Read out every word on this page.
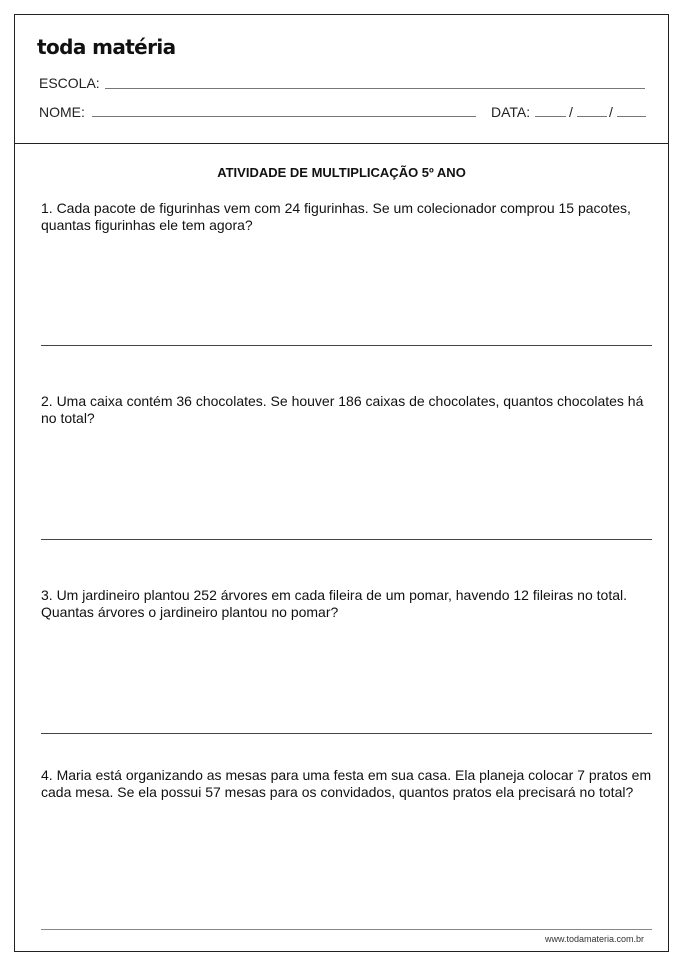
toda matéria
ESCOLA:
NOME:	DATA:	/	/
ATIVIDADE DE MULTIPLICAÇÃO 5º ANO
1. Cada pacote de figurinhas vem com 24 figurinhas. Se um colecionador comprou 15 pacotes, quantas figurinhas ele tem agora?
2. Uma caixa contém 36 chocolates. Se houver 186 caixas de chocolates, quantos chocolates há no total?
3. Um jardineiro plantou 252 árvores em cada fileira de um pomar, havendo 12 fileiras no total. Quantas árvores o jardineiro plantou no pomar?
4. Maria está organizando as mesas para uma festa em sua casa. Ela planeja colocar 7 pratos em cada mesa. Se ela possui 57 mesas para os convidados, quantos pratos ela precisará no total?
www.todamateria.com.br
